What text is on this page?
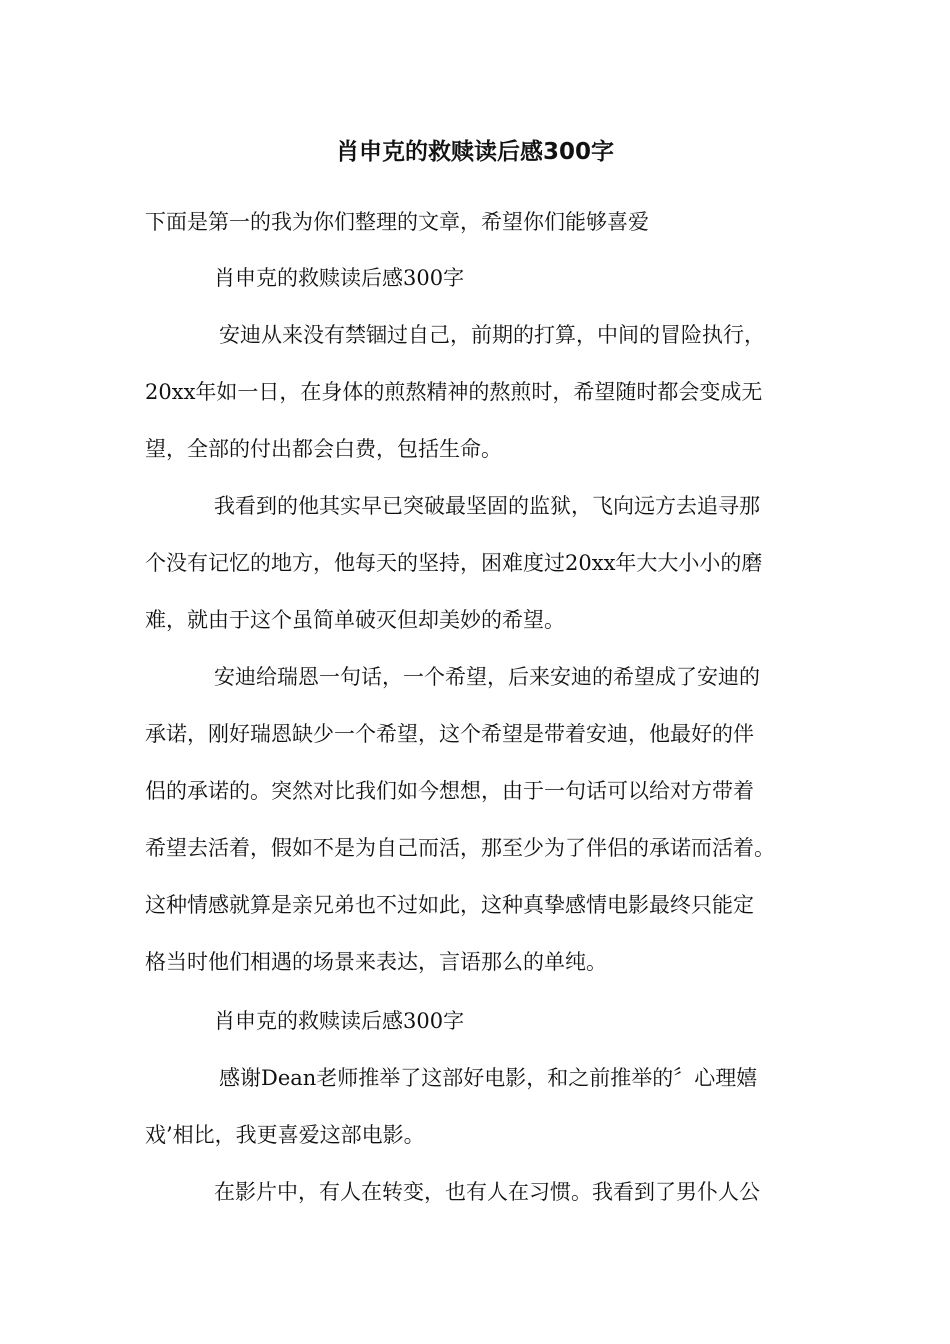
肖申克的救赎读后感300字
下面是第一的我为你们整理的文章，希望你们能够喜爱
肖申克的救赎读后感300字
安迪从来没有禁锢过自己，前期的打算，中间的冒险执行，
20xx年如一日，在身体的煎熬精神的熬煎时，希望随时都会变成无
望，全部的付出都会白费，包括生命。
我看到的他其实早已突破最坚固的监狱，飞向远方去追寻那
个没有记忆的地方，他每天的坚持，困难度过20xx年大大小小的磨
难，就由于这个虽简单破灭但却美妙的希望。
安迪给瑞恩一句话，一个希望，后来安迪的希望成了安迪的
承诺，刚好瑞恩缺少一个希望，这个希望是带着安迪，他最好的伴
侣的承诺的。突然对比我们如今想想，由于一句话可以给对方带着
希望去活着，假如不是为自己而活，那至少为了伴侣的承诺而活着。
这种情感就算是亲兄弟也不过如此，这种真挚感情电影最终只能定
格当时他们相遇的场景来表达，言语那么的单纯。
肖申克的救赎读后感300字
感谢Dean老师推举了这部好电影，和之前推举的〞心理嬉
戏’相比，我更喜爱这部电影。
在影片中，有人在转变，也有人在习惯。我看到了男仆人公
